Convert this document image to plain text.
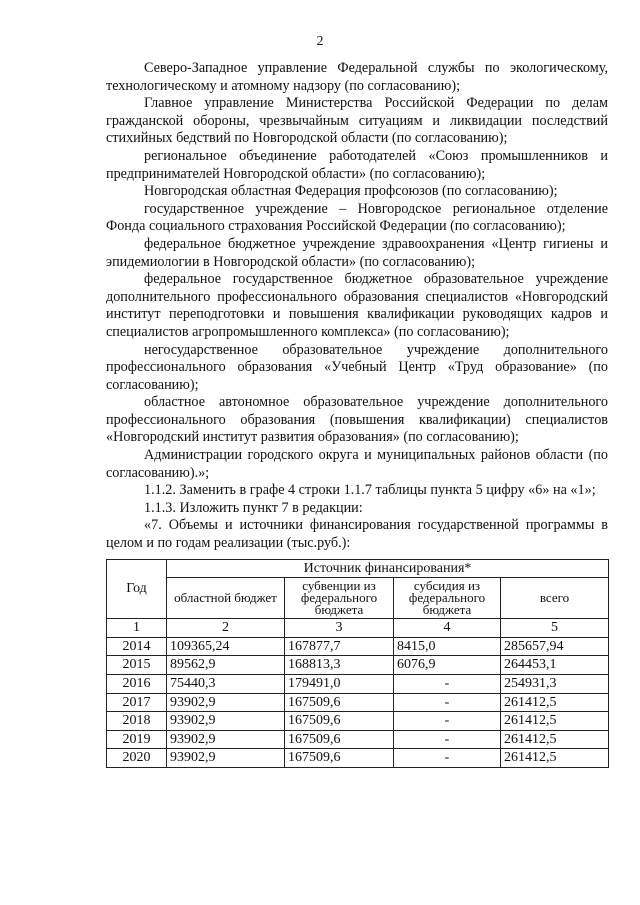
2

Северо-Западное управление Федеральной службы по экологическому, технологическому и атомному надзору (по согласованию);

Главное управление Министерства Российской Федерации по делам гражданской обороны, чрезвычайным ситуациям и ликвидации последствий стихийных бедствий по Новгородской области (по согласованию);

региональное объединение работодателей «Союз промышленников и предпринимателей Новгородской области» (по согласованию);

Новгородская областная Федерация профсоюзов (по согласованию);

государственное учреждение – Новгородское региональное отделение Фонда социального страхования Российской Федерации (по согласованию);

федеральное бюджетное учреждение здравоохранения «Центр гигиены и эпидемиологии в Новгородской области» (по согласованию);

федеральное государственное бюджетное образовательное учреждение дополнительного профессионального образования специалистов «Новгородский институт переподготовки и повышения квалификации руководящих кадров и специалистов агропромышленного комплекса» (по согласованию);

негосударственное образовательное учреждение дополнительного профессионального образования «Учебный Центр «Труд образование» (по согласованию);

областное автономное образовательное учреждение дополнительного профессионального образования (повышения квалификации) специалистов «Новгородский институт развития образования» (по согласованию);

Администрации городского округа и муниципальных районов области (по согласованию).»;

1.1.2. Заменить в графе 4 строки 1.1.7 таблицы пункта 5 цифру «6» на «1»;

1.1.3. Изложить пункт 7 в редакции:

«7. Объемы и источники финансирования государственной программы в целом и по годам реализации (тыс.руб.):

Год	Источник финансирования*			
	областной бюджет	субвенции из федерального бюджета	субсидия из федерального бюджета	всего
1	2	3	4	5
2014	109365,24	167877,7	8415,0	285657,94
2015	89562,9	168813,3	6076,9	264453,1
2016	75440,3	179491,0	-	254931,3
2017	93902,9	167509,6	-	261412,5
2018	93902,9	167509,6	-	261412,5
2019	93902,9	167509,6	-	261412,5
2020	93902,9	167509,6	-	261412,5
